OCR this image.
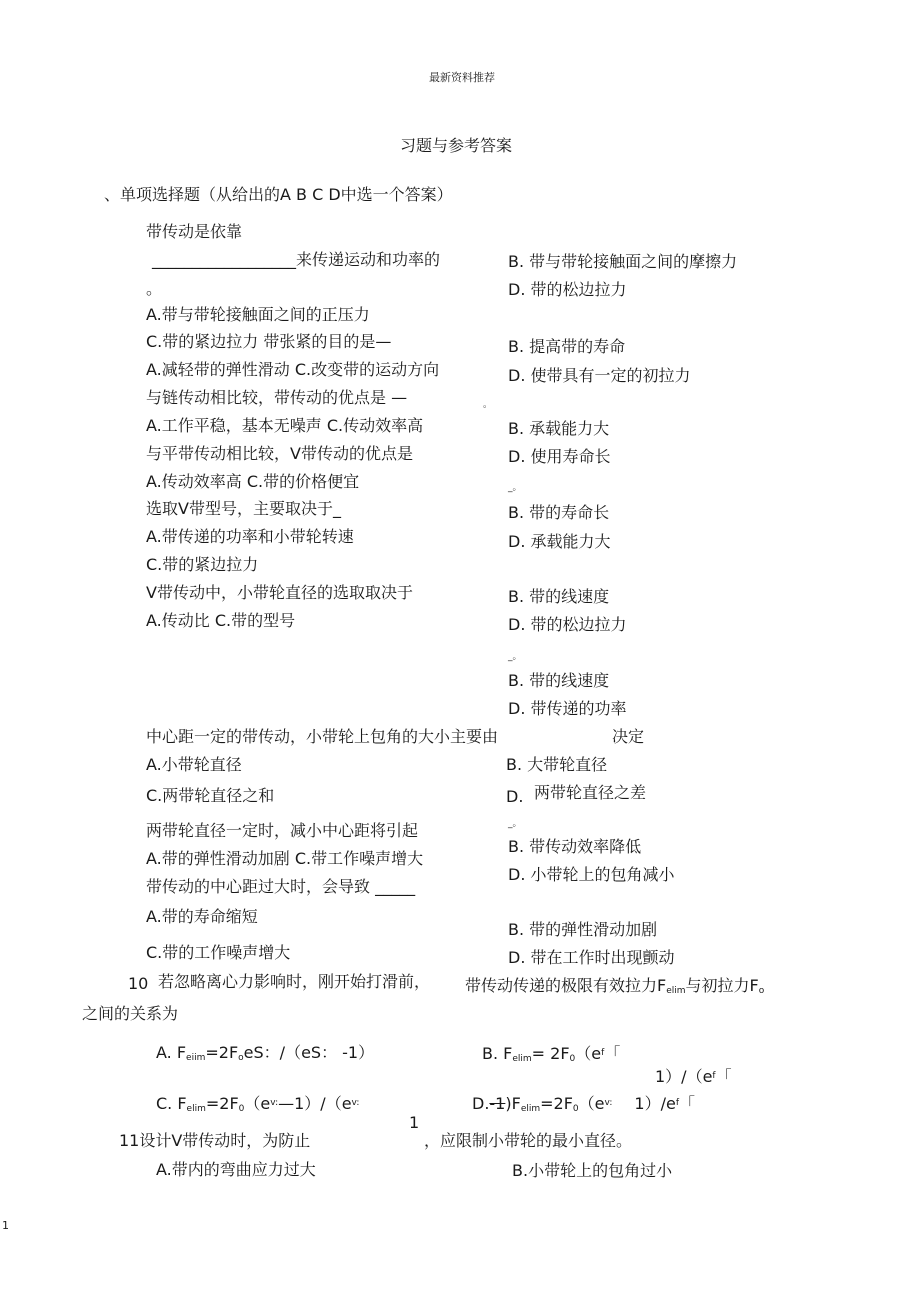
最新资料推荐
习题与参考答案
、单项选择题（从给出的A B C D中选一个答案）
带传动是依靠
__________________来传递运动和功率的
。
A.带与带轮接触面之间的正压力
B. 带与带轮接触面之间的摩擦力
C.带的紧边拉力 带张紧的目的是—
D. 带的松边拉力
A.减轻带的弹性滑动 C.改变带的运动方向
B. 提高带的寿命
D. 使带具有一定的初拉力
。
与链传动相比较，带传动的优点是 —
A.工作平稳，基本无噪声 C.传动效率高	B. 承载能力大
D. 使用寿命长
与平带传动相比较，V带传动的优点是
A.传动效率高 C.带的价格便宜	_。
B. 带的寿命长
D. 承载能力大
选取V带型号，主要取决于_
A.带传递的功率和小带轮转速
C.带的紧边拉力
B. 带的线速度
D. 带的松边拉力
V带传动中，小带轮直径的选取取决于
A.传动比 C.带的型号
_。
B. 带的线速度
D. 带传递的功率
中心距一定的带传动，小带轮上包角的大小主要由	决定
A.小带轮直径	B. 大带轮直径
C.两带轮直径之和	D. 两带轮直径之差
两带轮直径一定时，减小中心距将引起	_。
A.带的弹性滑动加剧 C.带工作噪声增大
B. 带传动效率降低
D. 小带轮上的包角减小
带传动的中心距过大时，会导致 _____
A.带的寿命缩短
B. 带的弹性滑动加剧
C.带的工作噪声增大	D. 带在工作时出现颤动
10 若忽略离心力影响时，刚开始打滑前， 带传动传递的极限有效拉力$F_{elim}$与初拉力$F_o$
之间的关系为
A. $F_{eiim}=2F_oeS$：/（eS： -1）	B. $F_{elim}= 2F_0(e^f$「
$1)/(e^f$「
C. $F_{elim}=2F_0(e^{v:}—1)/(e^{v:}$	$D.-1)F_{elim}=2F_0(e^{v:}$ $1)/e^f$「
1
11设计V带传动时，为防止	，应限制小带轮的最小直径。
A.带内的弯曲应力过大	B.小带轮上的包角过小
1
